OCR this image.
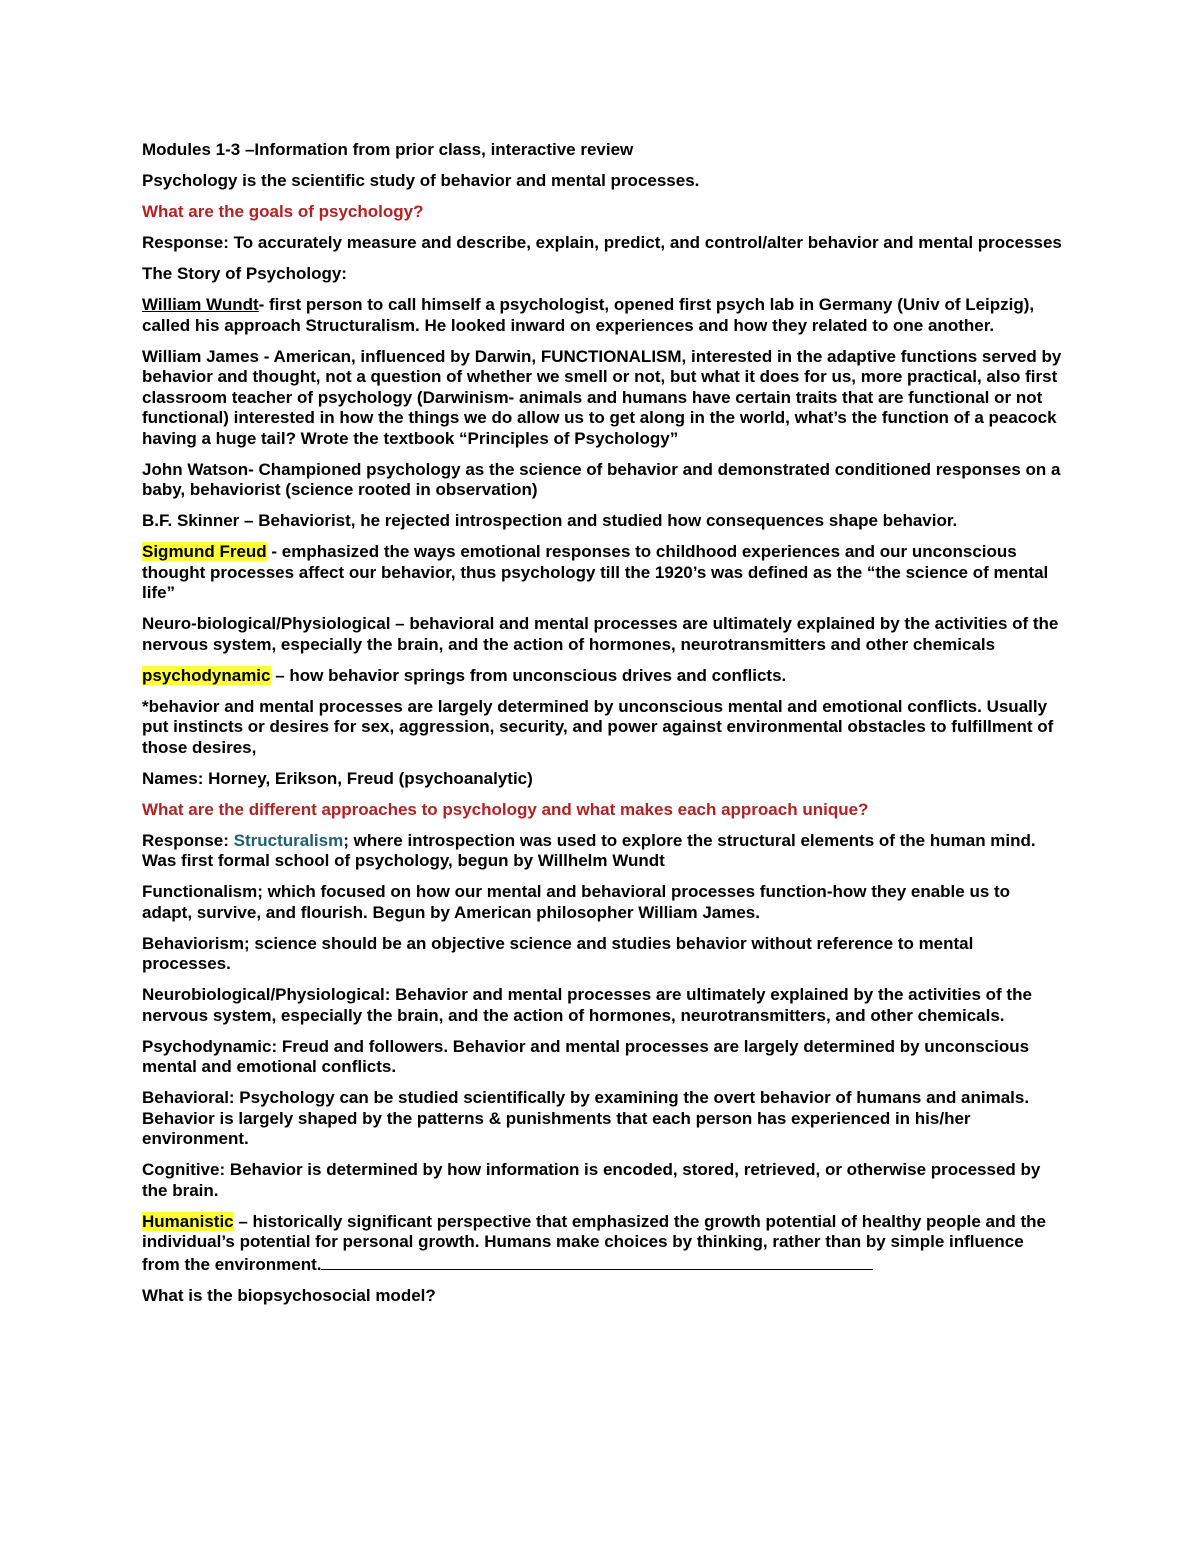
Modules 1-3 –Information from prior class, interactive review

Psychology is the scientific study of behavior and mental processes.

What are the goals of psychology?

Response: To accurately measure and describe, explain, predict, and control/alter behavior and mental processes

The Story of Psychology:

William Wundt- first person to call himself a psychologist, opened first psych lab in Germany (Univ of Leipzig), called his approach Structuralism. He looked inward on experiences and how they related to one another.

William James - American, influenced by Darwin, FUNCTIONALISM, interested in the adaptive functions served by behavior and thought, not a question of whether we smell or not, but what it does for us, more practical, also first classroom teacher of psychology (Darwinism- animals and humans have certain traits that are functional or not functional) interested in how the things we do allow us to get along in the world, what’s the function of a peacock having a huge tail? Wrote the textbook “Principles of Psychology”

John Watson- Championed psychology as the science of behavior and demonstrated conditioned responses on a baby, behaviorist (science rooted in observation)

B.F. Skinner – Behaviorist, he rejected introspection and studied how consequences shape behavior.

Sigmund Freud - emphasized the ways emotional responses to childhood experiences and our unconscious thought processes affect our behavior, thus psychology till the 1920’s was defined as the “the science of mental life”

Neuro-biological/Physiological – behavioral and mental processes are ultimately explained by the activities of the nervous system, especially the brain, and the action of hormones, neurotransmitters and other chemicals

psychodynamic – how behavior springs from unconscious drives and conflicts.

*behavior and mental processes are largely determined by unconscious mental and emotional conflicts. Usually put instincts or desires for sex, aggression, security, and power against environmental obstacles to fulfillment of those desires,

Names: Horney, Erikson, Freud (psychoanalytic)

What are the different approaches to psychology and what makes each approach unique?

Response: Structuralism; where introspection was used to explore the structural elements of the human mind. Was first formal school of psychology, begun by Willhelm Wundt

Functionalism; which focused on how our mental and behavioral processes function-how they enable us to adapt, survive, and flourish. Begun by American philosopher William James.

Behaviorism; science should be an objective science and studies behavior without reference to mental processes.

Neurobiological/Physiological: Behavior and mental processes are ultimately explained by the activities of the nervous system, especially the brain, and the action of hormones, neurotransmitters, and other chemicals.

Psychodynamic: Freud and followers. Behavior and mental processes are largely determined by unconscious mental and emotional conflicts.

Behavioral: Psychology can be studied scientifically by examining the overt behavior of humans and animals. Behavior is largely shaped by the patterns & punishments that each person has experienced in his/her environment.

Cognitive: Behavior is determined by how information is encoded, stored, retrieved, or otherwise processed by the brain.

Humanistic – historically significant perspective that emphasized the growth potential of healthy people and the individual’s potential for personal growth. Humans make choices by thinking, rather than by simple influence from the environment.

What is the biopsychosocial model?
